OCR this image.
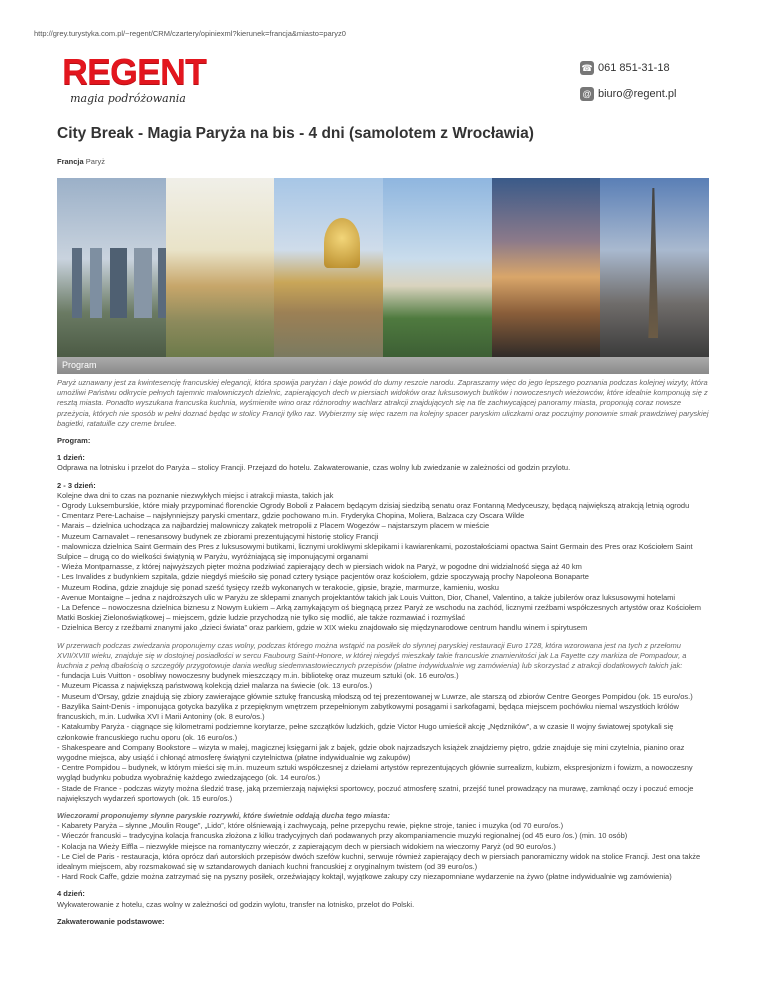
http://grey.turystyka.com.pl/~regent/CRM/czartery/opiniexml?kierunek=francja&miasto=paryz0
REGENT
magia podróżowania
☎ 061 851-31-18
@ biuro@regent.pl
City Break - Magia Paryża na bis - 4 dni (samolotem z Wrocławia)
Francja Paryż
Program

Paryż uznawany jest za kwintesencję francuskiej elegancji, która spowija paryżan i daje powód do dumy reszcie narodu. Zapraszamy więc do jego lepszego poznania podczas kolejnej wizyty, która umożliwi Państwu odkrycie pełnych tajemnic malowniczych dzielnic, zapierających dech w piersiach widoków oraz luksusowych butików i nowoczesnych wieżowców, które idealnie komponują się z resztą miasta. Ponadto wyszukana francuska kuchnia, wyśmienite wino oraz różnorodny wachlarz atrakcji znajdujących się na tle zachwycającej panoramy miasta, proponują coraz nowsze przeżycia, których nie sposób w pełni doznać będąc w stolicy Francji tylko raz. Wybierzmy się więc razem na kolejny spacer paryskim uliczkami oraz poczujmy ponownie smak prawdziwej paryskiej bagietki, ratatuille czy creme brulee.

Program:

1 dzień:
Odprawa na lotnisku i przelot do Paryża – stolicy Francji. Przejazd do hotelu. Zakwaterowanie, czas wolny lub zwiedzanie w zależności od godzin przylotu.

2 - 3 dzień:
Kolejne dwa dni to czas na poznanie niezwykłych miejsc i atrakcji miasta, takich jak
- Ogrody Luksemburskie, które miały przypominać florenckie Ogrody Boboli z Pałacem będącym dzisiaj siedzibą senatu oraz Fontanną Medyceuszy, będącą największą atrakcją letnią ogrodu
- Cmentarz Pere-Lachaise – najsłynniejszy paryski cmentarz, gdzie pochowano m.in. Fryderyka Chopina, Moliera, Balzaca czy Oscara Wilde
- Marais – dzielnica uchodząca za najbardziej malowniczy zakątek metropolii z Placem Wogezów – najstarszym placem w mieście
- Muzeum Carnavalet – renesansowy budynek ze zbiorami prezentującymi historię stolicy Francji
- malownicza dzielnica Saint Germain des Pres z luksusowymi butikami, licznymi urokliwymi sklepikami i kawiarenkami, pozostałościami opactwa Saint Germain des Pres oraz Kościołem Saint Sulpice – drugą co do wielkości świątynią w Paryżu, wyróżniającą się imponującymi organami
- Wieża Montparnasse, z której najwyższych pięter można podziwiać zapierający dech w piersiach widok na Paryż, w pogodne dni widzialność sięga aż 40 km
- Les Invalides z budynkiem szpitala, gdzie niegdyś mieściło się ponad cztery tysiące pacjentów oraz kościołem, gdzie spoczywają prochy Napoleona Bonaparte
- Muzeum Rodina, gdzie znajduje się ponad sześć tysięcy rzeźb wykonanych w terakocie, gipsie, brązie, marmurze, kamieniu, wosku
- Avenue Montaigne – jedna z najdroższych ulic w Paryżu ze sklepami znanych projektantów takich jak Louis Vuitton, Dior, Chanel, Valentino, a także jubilerów oraz luksusowymi hotelami
- La Defence – nowoczesna dzielnica biznesu z Nowym Łukiem – Arką zamykającym oś biegnącą przez Paryż ze wschodu na zachód, licznymi rzeźbami współczesnych artystów oraz Kościołem Matki Boskiej Zielonoświątkowej – miejscem, gdzie ludzie przychodzą nie tylko się modlić, ale także rozmawiać i rozmyślać
- Dzielnica Bercy z rzeźbami znanymi jako „dzieci świata” oraz parkiem, gdzie w XIX wieku znajdowało się międzynarodowe centrum handlu winem i spirytusem

W przerwach podczas zwiedzania proponujemy czas wolny, podczas którego można wstąpić na posiłek do słynnej paryskiej restauracji Euro 1728, która wzorowana jest na tych z przełomu XVII/XVIII wieku, znajduje się w dostojnej posiadłości w sercu Faubourg Saint-Honore, w której niegdyś mieszkały takie francuskie znamienitości jak La Fayette czy markiza de Pompadour, a kuchnia z pełną dbałością o szczegóły przygotowuje dania według siedemnastowiecznych przepisów (płatne indywidualnie wg zamówienia) lub skorzystać z atrakcji dodatkowych takich jak:
- fundacja Luis Vuitton - osobliwy nowoczesny budynek mieszczący m.in. bibliotekę oraz muzeum sztuki (ok. 16 euro/os.)
- Muzeum Picassa z największą państwową kolekcją dzieł malarza na świecie (ok. 13 euro/os.)
- Museum d'Orsay, gdzie znajdują się zbiory zawierające głównie sztukę francuską młodszą od tej prezentowanej w Luwrze, ale starszą od zbiorów Centre Georges Pompidou (ok. 15 euro/os.)
- Bazylika Saint-Denis - imponująca gotycka bazylika z przepięknym wnętrzem przepełnionym zabytkowymi posągami i sarkofagami, będąca miejscem pochówku niemal wszystkich królów francuskich, m.in. Ludwika XVI i Marii Antoniny (ok. 8 euro/os.)
- Katakumby Paryża - ciągnące się kilometrami podziemne korytarze, pełne szczątków ludzkich, gdzie Victor Hugo umieścił akcję „Nędzników”, a w czasie II wojny światowej spotykali się członkowie francuskiego ruchu oporu (ok. 16 euro/os.)
- Shakespeare and Company Bookstore – wizyta w małej, magicznej księgarni jak z bajek, gdzie obok najrzadszych książek znajdziemy piętro, gdzie znajduje się mini czytelnia, pianino oraz wygodne miejsca, aby usiąść i chłonąć atmosferę świątyni czytelnictwa (płatne indywidualnie wg zakupów)
- Centre Pompidou – budynek, w którym mieści się m.in. muzeum sztuki współczesnej z dziełami artystów reprezentujących głównie surrealizm, kubizm, ekspresjonizm i fowizm, a nowoczesny wygląd budynku pobudza wyobraźnię każdego zwiedzającego (ok. 14 euro/os.)
- Stade de France - podczas wizyty można śledzić trasę, jaką przemierzają najwięksi sportowcy, poczuć atmosferę szatni, przejść tunel prowadzący na murawę, zamknąć oczy i poczuć emocje największych wydarzeń sportowych (ok. 15 euro/os.)

Wieczorami proponujemy słynne paryskie rozrywki, które świetnie oddają ducha tego miasta:
- Kabarety Paryża – słynne „Moulin Rouge”, „Lido”, które olśniewają i zachwycają, pełne przepychu rewie, piękne stroje, taniec i muzyka (od 70 euro/os.)
- Wieczór francuski – tradycyjna kolacja francuska złożona z kilku tradycyjnych dań podawanych przy akompaniamencie muzyki regionalnej (od 45 euro /os.) (min. 10 osób)
- Kolacja na Wieży Eiffla – niezwykłe miejsce na romantyczny wieczór, z zapierającym dech w piersiach widokiem na wieczorny Paryż (od 90 euro/os.)
- Le Ciel de Paris - restauracja, która oprócz dań autorskich przepisów dwóch szefów kuchni, serwuje również zapierający dech w piersiach panoramiczny widok na stolice Francji. Jest ona także idealnym miejscem, aby rozsmakować się w sztandarowych daniach kuchni francuskiej z oryginalnym twistem (od 39 euro/os.)
- Hard Rock Caffe, gdzie można zatrzymać się na pyszny posiłek, orzeźwiający koktajl, wyjątkowe zakupy czy niezapomniane wydarzenie na żywo (płatne indywidualnie wg zamówienia)

4 dzień:
Wykwaterowanie z hotelu, czas wolny w zależności od godzin wylotu, transfer na lotnisko, przelot do Polski.

Zakwaterowanie podstawowe:
